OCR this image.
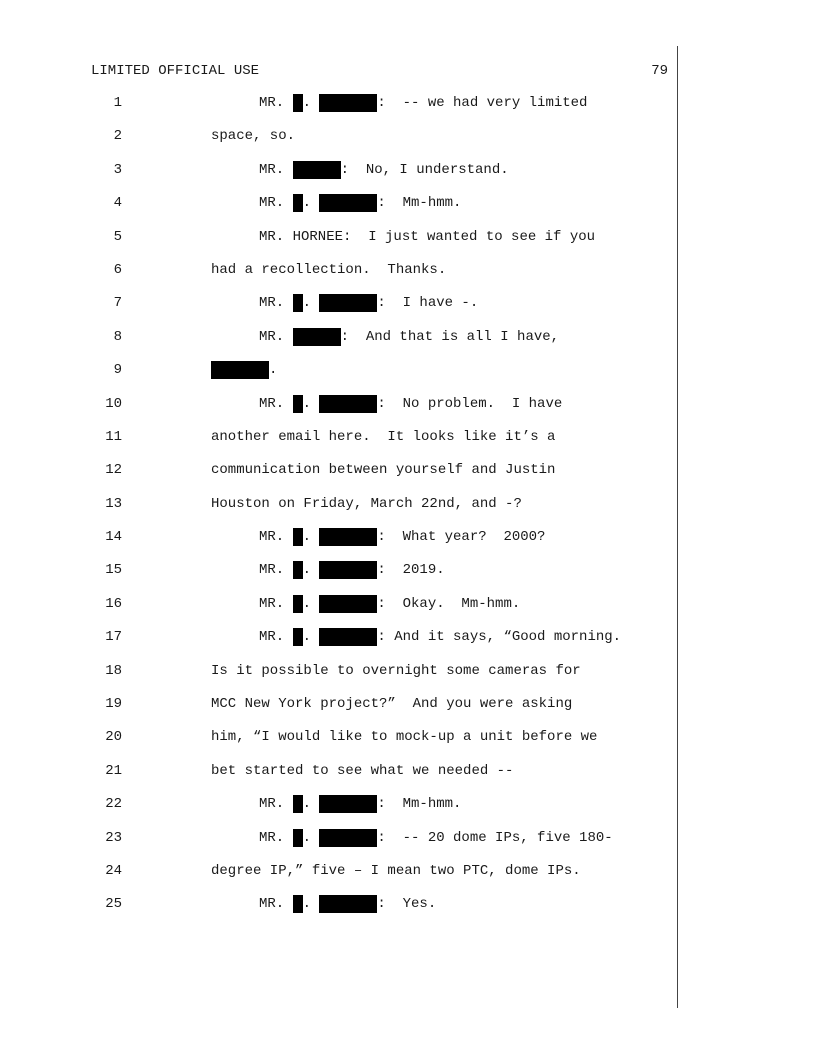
LIMITED OFFICIAL USE	79
1	MR. .	:  -- we had very limited
2	space, so.
3	MR.	:  No, I understand.
4	MR. .	:  Mm-hmm.
5	MR. HORNEE:  I just wanted to see if you
6	had a recollection.  Thanks.
7	MR. .	:  I have -.
8	MR.	:  And that is all I have,
9	.
10	MR. .	:  No problem.  I have
11	another email here.  It looks like it’s a
12	communication between yourself and Justin
13	Houston on Friday, March 22nd, and -?
14	MR. .	:  What year?  2000?
15	MR. .	:  2019.
16	MR. .	:  Okay.  Mm-hmm.
17	MR. .	: And it says, “Good morning.
18	Is it possible to overnight some cameras for
19	MCC New York project?”  And you were asking
20	him, “I would like to mock-up a unit before we
21	bet started to see what we needed --
22	MR. .	:  Mm-hmm.
23	MR. .	:  -- 20 dome IPs, five 180-
24	degree IP,” five – I mean two PTC, dome IPs.
25	MR. .	:  Yes.
